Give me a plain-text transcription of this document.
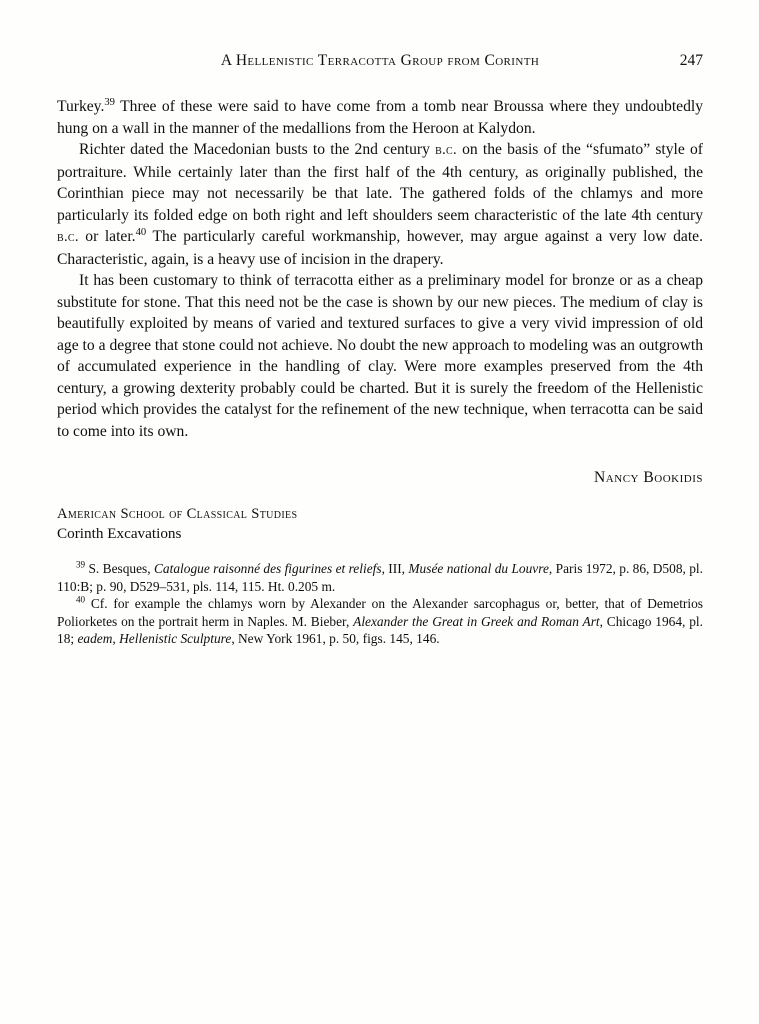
A Hellenistic Terracotta Group from Corinth	247

Turkey.$^{39}$ Three of these were said to have come from a tomb near Broussa where they undoubtedly hung on a wall in the manner of the medallions from the Heroon at Kalydon.

Richter dated the Macedonian busts to the 2nd century b.c. on the basis of the “sfumato” style of portraiture. While certainly later than the first half of the 4th century, as originally published, the Corinthian piece may not necessarily be that late. The gathered folds of the chlamys and more particularly its folded edge on both right and left shoulders seem characteristic of the late 4th century b.c. or later.$^{40}$ The particularly careful workmanship, however, may argue against a very low date. Characteristic, again, is a heavy use of incision in the drapery.

It has been customary to think of terracotta either as a preliminary model for bronze or as a cheap substitute for stone. That this need not be the case is shown by our new pieces. The medium of clay is beautifully exploited by means of varied and textured surfaces to give a very vivid impression of old age to a degree that stone could not achieve. No doubt the new approach to modeling was an outgrowth of accumulated experience in the handling of clay. Were more examples preserved from the 4th century, a growing dexterity probably could be charted. But it is surely the freedom of the Hellenistic period which provides the catalyst for the refinement of the new technique, when terracotta can be said to come into its own.

Nancy Bookidis
American School of Classical Studies
Corinth Excavations

$^{39}$ S. Besques, Catalogue raisonné des figurines et reliefs, III, Musée national du Louvre, Paris 1972, p. 86, D508, pl. 110:B; p. 90, D529–531, pls. 114, 115. Ht. 0.205 m.

$^{40}$ Cf. for example the chlamys worn by Alexander on the Alexander sarcophagus or, better, that of Demetrios Poliorketes on the portrait herm in Naples. M. Bieber, Alexander the Great in Greek and Roman Art, Chicago 1964, pl. 18; eadem, Hellenistic Sculpture, New York 1961, p. 50, figs. 145, 146.
